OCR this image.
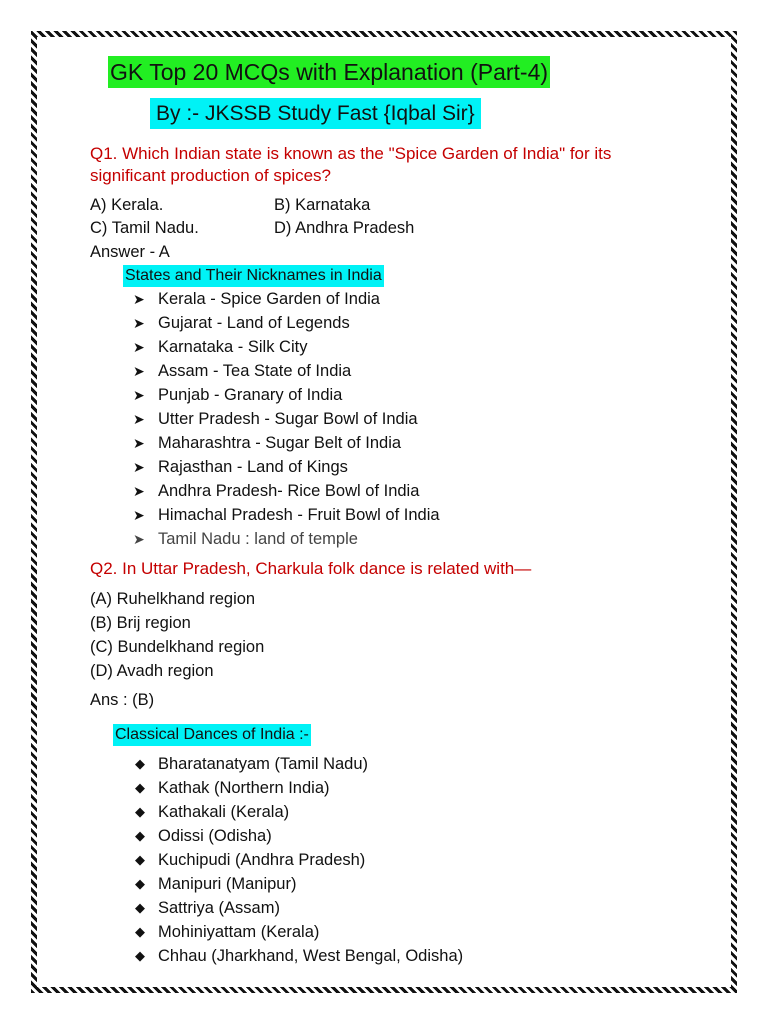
GK Top 20 MCQs with Explanation (Part-4)
By :- JKSSB Study Fast {Iqbal Sir}
Q1. Which Indian state is known as the "Spice Garden of India" for its
significant production of spices?
A) Kerala.	B) Karnataka
C) Tamil Nadu.	D) Andhra Pradesh
Answer - A
States and Their Nicknames in India
➤ Kerala - Spice Garden of India
➤ Gujarat - Land of Legends
➤ Karnataka - Silk City
➤ Assam - Tea State of India
➤ Punjab - Granary of India
➤ Utter Pradesh - Sugar Bowl of India
➤ Maharashtra - Sugar Belt of India
➤ Rajasthan - Land of Kings
➤ Andhra Pradesh- Rice Bowl of India
➤ Himachal Pradesh - Fruit Bowl of India
➤ Tamil Nadu : land of temple
Q2. In Uttar Pradesh, Charkula folk dance is related with—
(A) Ruhelkhand region
(B) Brij region
(C) Bundelkhand region
(D) Avadh region
Ans : (B)
Classical Dances of India :-
◆ Bharatanatyam (Tamil Nadu)
◆ Kathak (Northern India)
◆ Kathakali (Kerala)
◆ Odissi (Odisha)
◆ Kuchipudi (Andhra Pradesh)
◆ Manipuri (Manipur)
◆ Sattriya (Assam)
◆ Mohiniyattam (Kerala)
◆ Chhau (Jharkhand, West Bengal, Odisha)
